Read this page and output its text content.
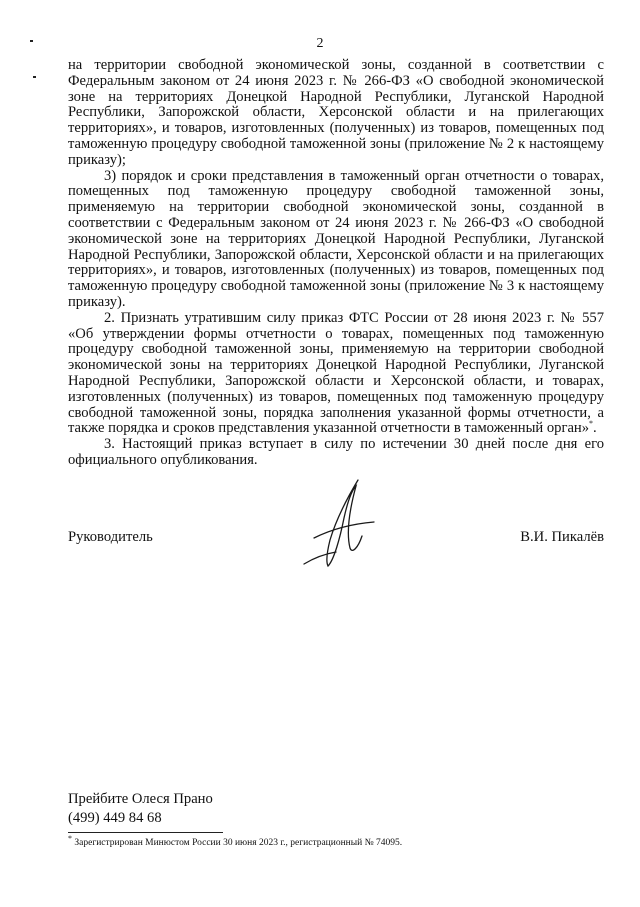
2

на территории свободной экономической зоны, созданной в соответствии с Федеральным законом от 24 июня 2023 г. № 266-ФЗ «О свободной экономической зоне на территориях Донецкой Народной Республики, Луганской Народной Республики, Запорожской области, Херсонской области и на прилегающих территориях», и товаров, изготовленных (полученных) из товаров, помещенных под таможенную процедуру свободной таможенной зоны (приложение № 2 к настоящему приказу);

3) порядок и сроки представления в таможенный орган отчетности о товарах, помещенных под таможенную процедуру свободной таможенной зоны, применяемую на территории свободной экономической зоны, созданной в соответствии с Федеральным законом от 24 июня 2023 г. № 266-ФЗ «О свободной экономической зоне на территориях Донецкой Народной Республики, Луганской Народной Республики, Запорожской области, Херсонской области и на прилегающих территориях», и товаров, изготовленных (полученных) из товаров, помещенных под таможенную процедуру свободной таможенной зоны (приложение № 3 к настоящему приказу).

2. Признать утратившим силу приказ ФТС России от 28 июня 2023 г. № 557 «Об утверждении формы отчетности о товарах, помещенных под таможенную процедуру свободной таможенной зоны, применяемую на территории свободной экономической зоны на территориях Донецкой Народной Республики, Луганской Народной Республики, Запорожской области и Херсонской области, и товарах, изготовленных (полученных) из товаров, помещенных под таможенную процедуру свободной таможенной зоны, порядка заполнения указанной формы отчетности, а также порядка и сроков представления указанной отчетности в таможенный орган»*.

3. Настоящий приказ вступает в силу по истечении 30 дней после дня его официального опубликования.

Руководитель	В.И. Пикалёв
Прейбите Олеся Прано
(499) 449 84 68
* Зарегистрирован Минюстом России 30 июня 2023 г., регистрационный № 74095.
